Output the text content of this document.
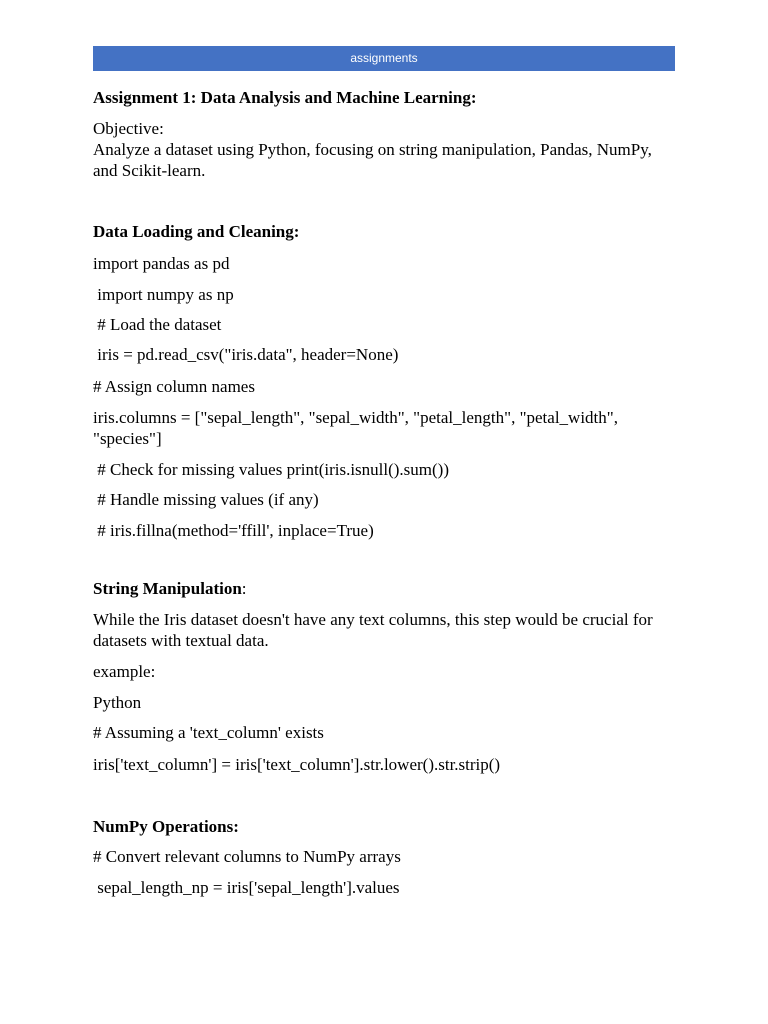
assignments
Assignment 1: Data Analysis and Machine Learning:
Objective:
Analyze a dataset using Python, focusing on string manipulation, Pandas, NumPy, and Scikit-learn.
Data Loading and Cleaning:
import pandas as pd
import numpy as np
# Load the dataset
iris = pd.read_csv("iris.data", header=None)
# Assign column names
iris.columns = ["sepal_length", "sepal_width", "petal_length", "petal_width", "species"]
# Check for missing values print(iris.isnull().sum())
# Handle missing values (if any)
# iris.fillna(method='ffill', inplace=True)
String Manipulation:
While the Iris dataset doesn't have any text columns, this step would be crucial for datasets with textual data.
example:
Python
# Assuming a 'text_column' exists
iris['text_column'] = iris['text_column'].str.lower().str.strip()
NumPy Operations:
# Convert relevant columns to NumPy arrays
sepal_length_np = iris['sepal_length'].values
